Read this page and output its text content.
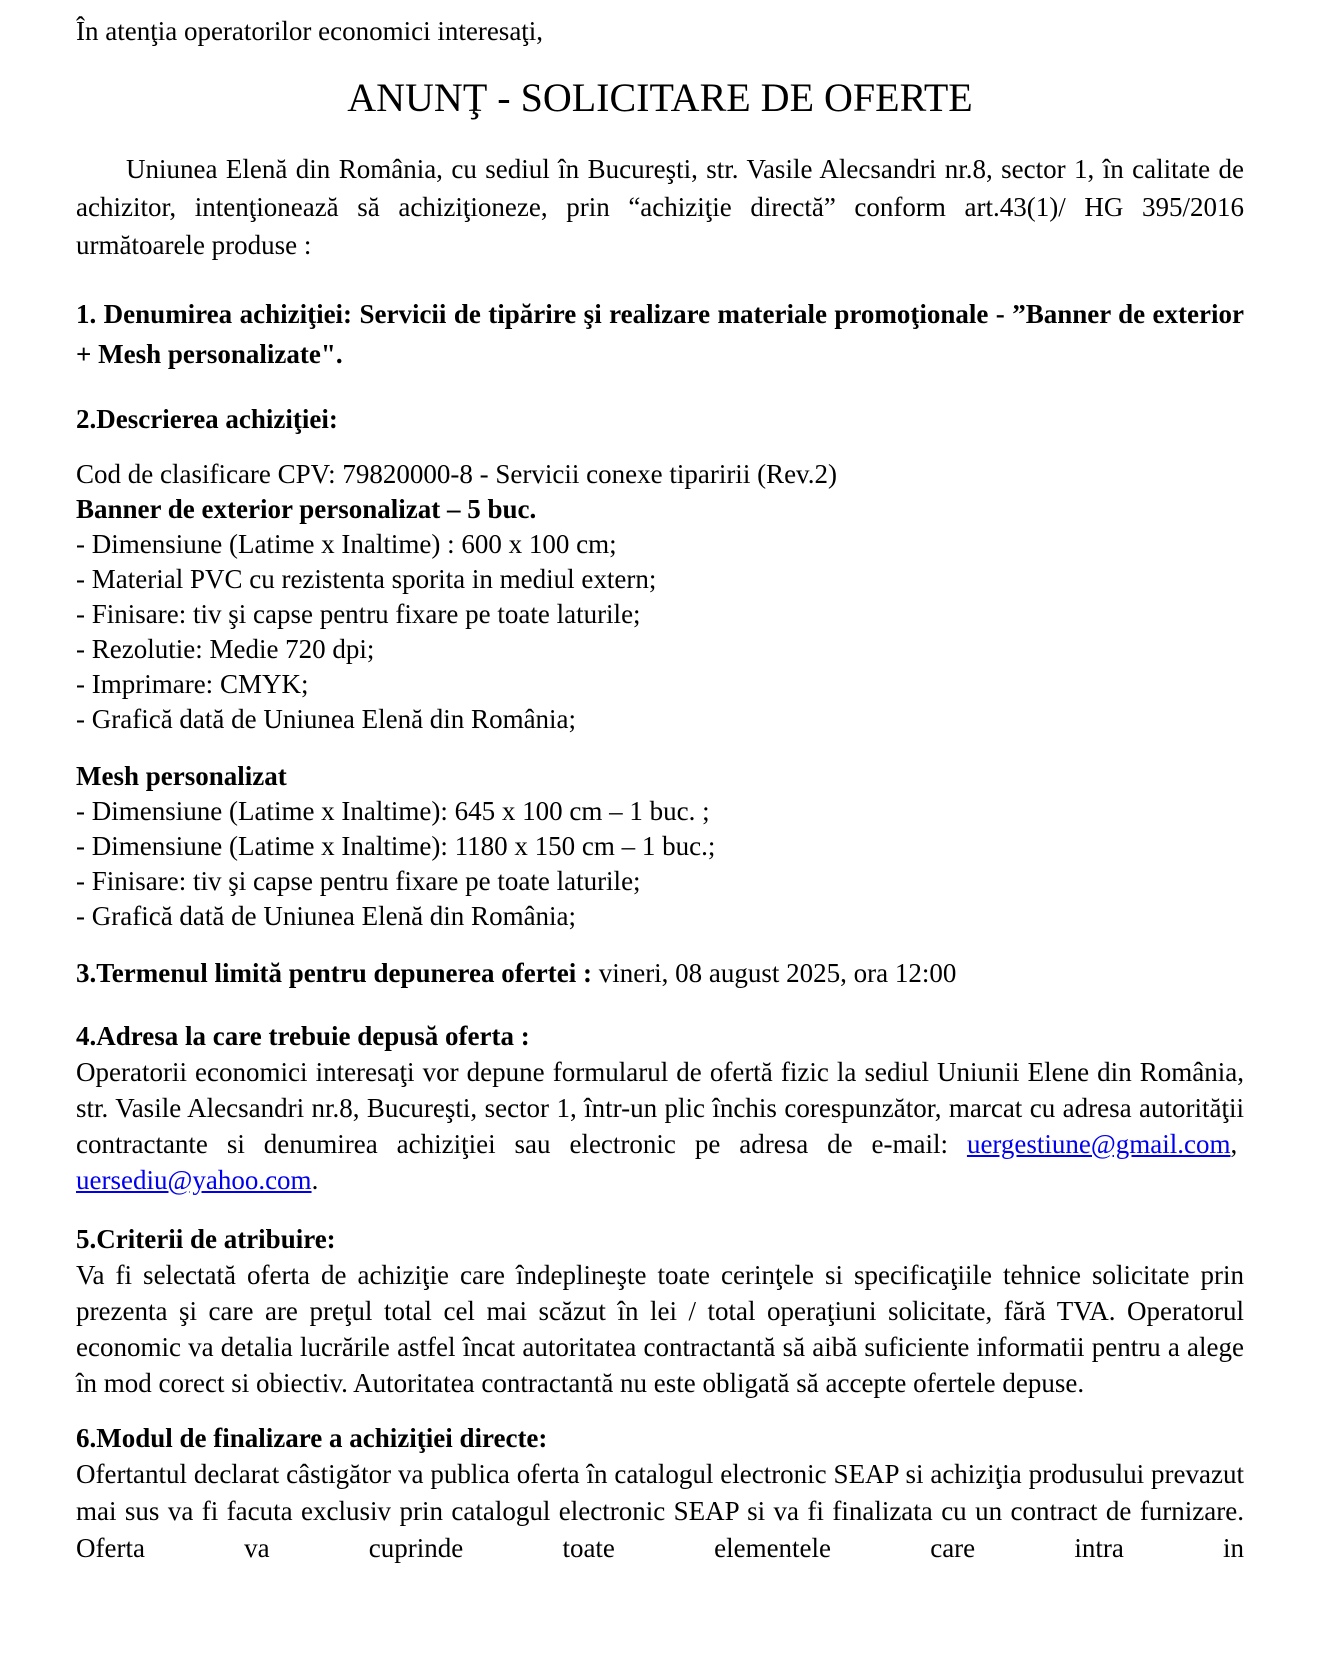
În atenţia operatorilor economici interesaţi,
ANUNŢ - SOLICITARE DE OFERTE

Uniunea Elenă din România, cu sediul în Bucureşti, str. Vasile Alecsandri nr.8, sector 1, în calitate de achizitor, intenţionează să achiziţioneze, prin “achiziţie directă” conform art.43(1)/ HG 395/2016 următoarele produse :

1. Denumirea achiziţiei: Servicii de tipărire şi realizare materiale promoţionale - ”Banner de exterior + Mesh personalizate".

2.Descrierea achiziţiei:
Cod de clasificare CPV: 79820000-8 - Servicii conexe tiparirii (Rev.2)
Banner de exterior personalizat – 5 buc.
- Dimensiune (Latime x Inaltime) : 600 x 100 cm;
- Material PVC cu rezistenta sporita in mediul extern;
- Finisare: tiv şi capse pentru fixare pe toate laturile;
- Rezolutie: Medie 720 dpi;
- Imprimare: CMYK;
- Grafică dată de Uniunea Elenă din România;
Mesh personalizat
- Dimensiune (Latime x Inaltime): 645 x 100 cm – 1 buc. ;
- Dimensiune (Latime x Inaltime): 1180 x 150 cm – 1 buc.;
- Finisare: tiv şi capse pentru fixare pe toate laturile;
- Grafică dată de Uniunea Elenă din România;
3.Termenul limită pentru depunerea ofertei : vineri, 08 august 2025, ora 12:00
4.Adresa la care trebuie depusă oferta :

Operatorii economici interesaţi vor depune formularul de ofertă fizic la sediul Uniunii Elene din România, str. Vasile Alecsandri nr.8, Bucureşti, sector 1, într-un plic închis corespunzător, marcat cu adresa autorităţii contractante si denumirea achiziţiei sau electronic pe adresa de e-mail: uergestiune@gmail.com,  uersediu@yahoo.com.

5.Criterii de atribuire:

Va fi selectată oferta de achiziţie care îndeplineşte toate cerinţele si specificaţiile tehnice solicitate prin prezenta şi care are preţul total cel mai scăzut în lei / total operaţiuni solicitate, fără TVA. Operatorul economic va detalia lucrările astfel încat autoritatea contractantă să aibă suficiente informatii pentru a alege în mod corect si obiectiv. Autoritatea contractantă nu este obligată să accepte ofertele depuse.

6.Modul de finalizare a achiziţiei directe:

Ofertantul declarat câstigător va publica oferta în catalogul electronic SEAP si achiziţia produsului prevazut mai sus va fi facuta exclusiv prin catalogul electronic SEAP si va fi finalizata cu un contract de furnizare. Oferta va cuprinde toate elementele care intra in
